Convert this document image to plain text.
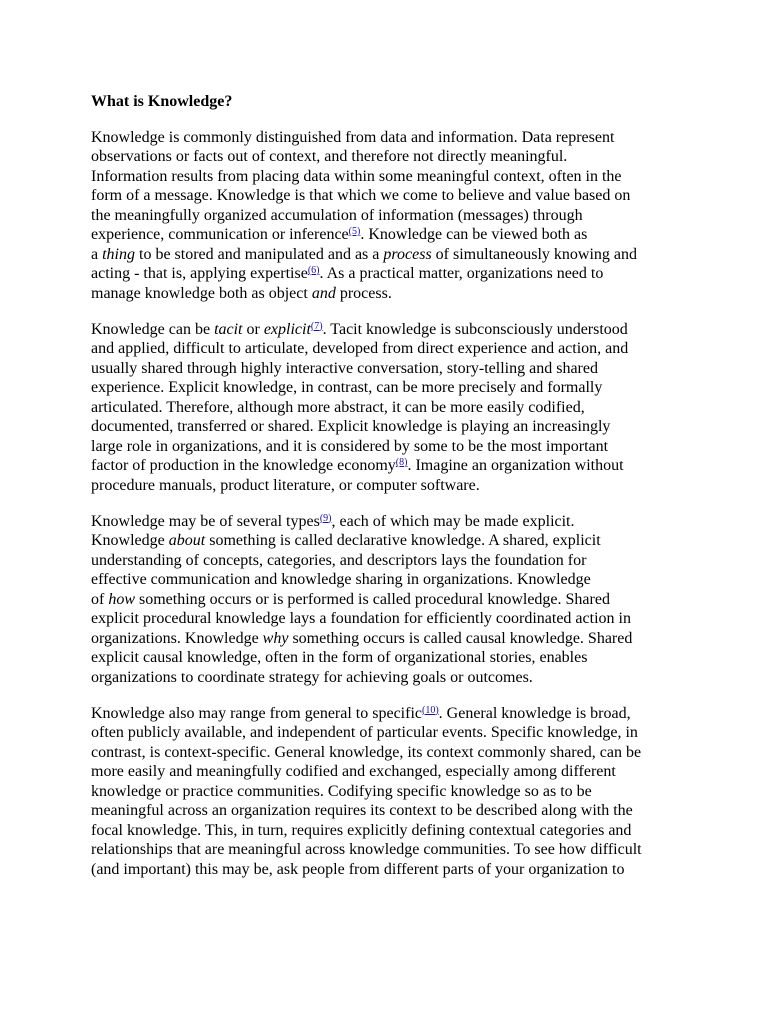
What is Knowledge?
Knowledge is commonly distinguished from data and information. Data represent
observations or facts out of context, and therefore not directly meaningful.
Information results from placing data within some meaningful context, often in the
form of a message. Knowledge is that which we come to believe and value based on
the meaningfully organized accumulation of information (messages) through
experience, communication or inference$^{(5)}$. Knowledge can be viewed both as
a thing to be stored and manipulated and as a process of simultaneously knowing and
acting - that is, applying expertise$^{(6)}$. As a practical matter, organizations need to
manage knowledge both as object and process.
Knowledge can be tacit or explicit$^{(7)}$. Tacit knowledge is subconsciously understood
and applied, difficult to articulate, developed from direct experience and action, and
usually shared through highly interactive conversation, story-telling and shared
experience. Explicit knowledge, in contrast, can be more precisely and formally
articulated. Therefore, although more abstract, it can be more easily codified,
documented, transferred or shared. Explicit knowledge is playing an increasingly
large role in organizations, and it is considered by some to be the most important
factor of production in the knowledge economy$^{(8)}$. Imagine an organization without
procedure manuals, product literature, or computer software.
Knowledge may be of several types$^{(9)}$, each of which may be made explicit.
Knowledge about something is called declarative knowledge. A shared, explicit
understanding of concepts, categories, and descriptors lays the foundation for
effective communication and knowledge sharing in organizations. Knowledge
of how something occurs or is performed is called procedural knowledge. Shared
explicit procedural knowledge lays a foundation for efficiently coordinated action in
organizations. Knowledge why something occurs is called causal knowledge. Shared
explicit causal knowledge, often in the form of organizational stories, enables
organizations to coordinate strategy for achieving goals or outcomes.
Knowledge also may range from general to specific$^{(10)}$. General knowledge is broad,
often publicly available, and independent of particular events. Specific knowledge, in
contrast, is context-specific. General knowledge, its context commonly shared, can be
more easily and meaningfully codified and exchanged, especially among different
knowledge or practice communities. Codifying specific knowledge so as to be
meaningful across an organization requires its context to be described along with the
focal knowledge. This, in turn, requires explicitly defining contextual categories and
relationships that are meaningful across knowledge communities. To see how difficult
(and important) this may be, ask people from different parts of your organization to
